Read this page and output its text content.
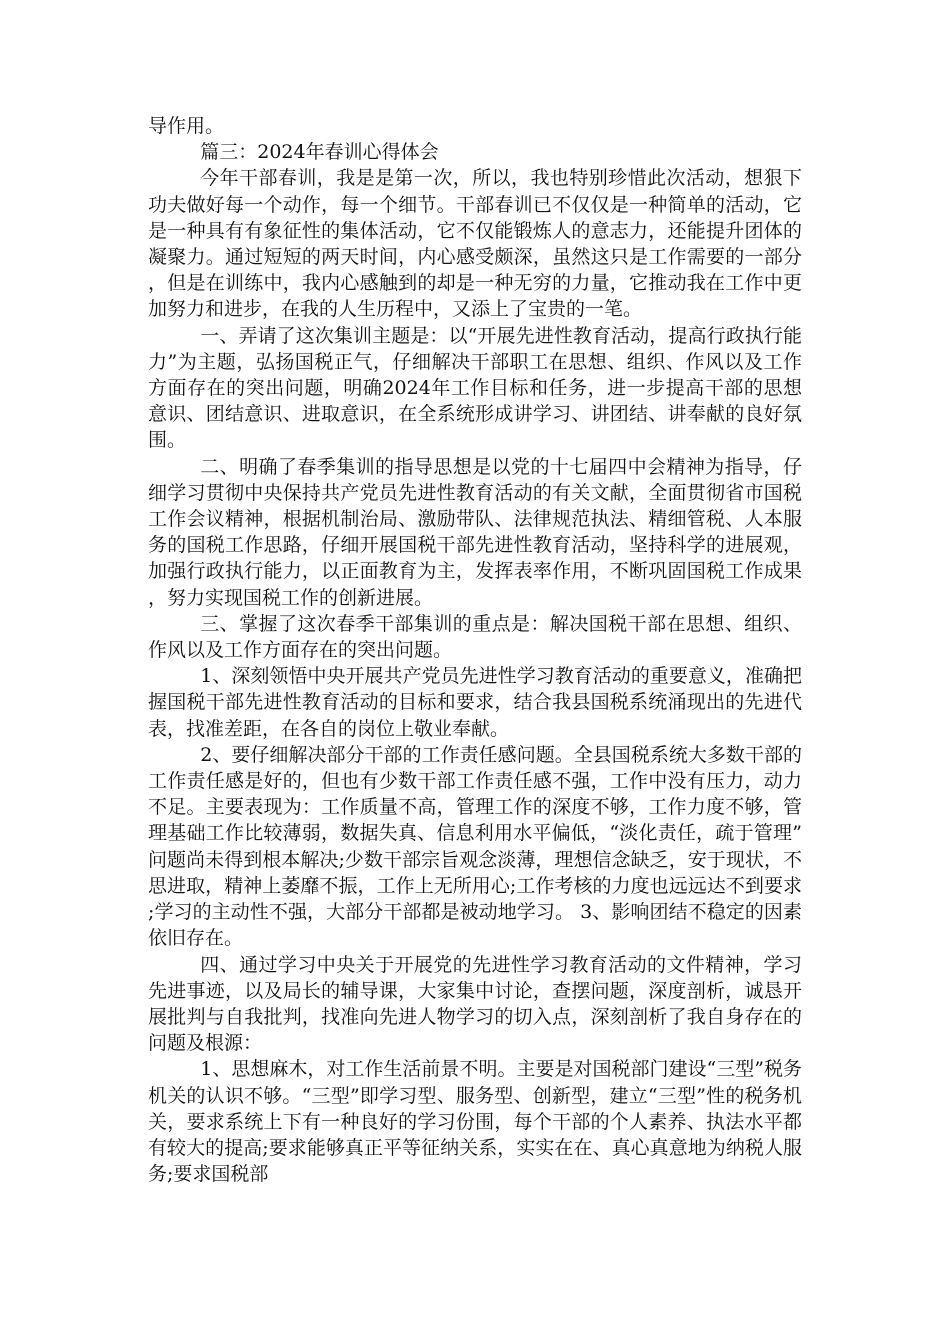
导作用。

篇三：2024年春训心得体会

今年干部春训，我是是第一次，所以，我也特别珍惜此次活动，想狠下功夫做好每一个动作，每一个细节。干部春训已不仅仅是一种简单的活动，它是一种具有有象征性的集体活动，它不仅能锻炼人的意志力，还能提升团体的凝聚力。通过短短的两天时间，内心感受颇深，虽然这只是工作需要的一部分，但是在训练中，我内心感触到的却是一种无穷的力量，它推动我在工作中更加努力和进步，在我的人生历程中，又添上了宝贵的一笔。

一、弄请了这次集训主题是：以“开展先进性教育活动，提高行政执行能力”为主题，弘扬国税正气，仔细解决干部职工在思想、组织、作风以及工作方面存在的突出问题，明确2024年工作目标和任务，进一步提高干部的思想意识、团结意识、进取意识，在全系统形成讲学习、讲团结、讲奉献的良好氛围。

二、明确了春季集训的指导思想是以党的十七届四中会精神为指导，仔细学习贯彻中央保持共产党员先进性教育活动的有关文献，全面贯彻省市国税工作会议精神，根据机制治局、激励带队、法律规范执法、精细管税、人本服务的国税工作思路，仔细开展国税干部先进性教育活动，坚持科学的进展观，加强行政执行能力，以正面教育为主，发挥表率作用，不断巩固国税工作成果，努力实现国税工作的创新进展。

三、掌握了这次春季干部集训的重点是：解决国税干部在思想、组织、作风以及工作方面存在的突出问题。

1、深刻领悟中央开展共产党员先进性学习教育活动的重要意义，准确把握国税干部先进性教育活动的目标和要求，结合我县国税系统涌现出的先进代表，找准差距，在各自的岗位上敬业奉献。

2、要仔细解决部分干部的工作责任感问题。全县国税系统大多数干部的工作责任感是好的，但也有少数干部工作责任感不强，工作中没有压力，动力不足。主要表现为：工作质量不高，管理工作的深度不够，工作力度不够，管理基础工作比较薄弱，数据失真、信息利用水平偏低，“淡化责任，疏于管理”问题尚未得到根本解决;少数干部宗旨观念淡薄，理想信念缺乏，安于现状，不思进取，精神上萎靡不振，工作上无所用心;工作考核的力度也远远达不到要求;学习的主动性不强，大部分干部都是被动地学习。 3、影响团结不稳定的因素依旧存在。

四、通过学习中央关于开展党的先进性学习教育活动的文件精神，学习先进事迹，以及局长的辅导课，大家集中讨论，查摆问题，深度剖析，诚恳开展批判与自我批判，找准向先进人物学习的切入点，深刻剖析了我自身存在的问题及根源：

1、思想麻木，对工作生活前景不明。主要是对国税部门建设“三型”税务机关的认识不够。“三型”即学习型、服务型、创新型，建立“三型”性的税务机关，要求系统上下有一种良好的学习份围，每个干部的个人素养、执法水平都有较大的提高;要求能够真正平等征纳关系，实实在在、真心真意地为纳税人服务;要求国税部
